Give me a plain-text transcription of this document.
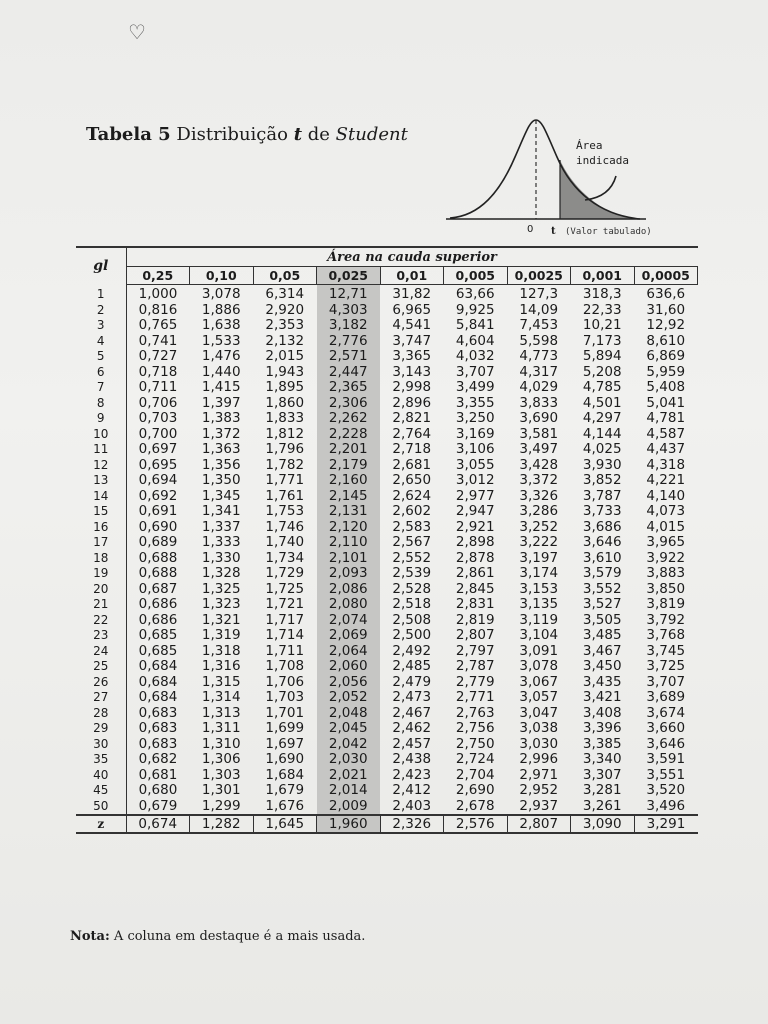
♡
Tabela 5 Distribuição t de Student
Área
indicada
0 t (Valor tabulado)
gl	Área na cauda superior								
	0,25	0,10	0,05	0,025	0,01	0,005	0,0025	0,001	0,0005
1	1,000	3,078	6,314	12,71	31,82	63,66	127,3	318,3	636,6
2	0,816	1,886	2,920	4,303	6,965	9,925	14,09	22,33	31,60
3	0,765	1,638	2,353	3,182	4,541	5,841	7,453	10,21	12,92
4	0,741	1,533	2,132	2,776	3,747	4,604	5,598	7,173	8,610
5	0,727	1,476	2,015	2,571	3,365	4,032	4,773	5,894	6,869
6	0,718	1,440	1,943	2,447	3,143	3,707	4,317	5,208	5,959
7	0,711	1,415	1,895	2,365	2,998	3,499	4,029	4,785	5,408
8	0,706	1,397	1,860	2,306	2,896	3,355	3,833	4,501	5,041
9	0,703	1,383	1,833	2,262	2,821	3,250	3,690	4,297	4,781
10	0,700	1,372	1,812	2,228	2,764	3,169	3,581	4,144	4,587
11	0,697	1,363	1,796	2,201	2,718	3,106	3,497	4,025	4,437
12	0,695	1,356	1,782	2,179	2,681	3,055	3,428	3,930	4,318
13	0,694	1,350	1,771	2,160	2,650	3,012	3,372	3,852	4,221
14	0,692	1,345	1,761	2,145	2,624	2,977	3,326	3,787	4,140
15	0,691	1,341	1,753	2,131	2,602	2,947	3,286	3,733	4,073
16	0,690	1,337	1,746	2,120	2,583	2,921	3,252	3,686	4,015
17	0,689	1,333	1,740	2,110	2,567	2,898	3,222	3,646	3,965
18	0,688	1,330	1,734	2,101	2,552	2,878	3,197	3,610	3,922
19	0,688	1,328	1,729	2,093	2,539	2,861	3,174	3,579	3,883
20	0,687	1,325	1,725	2,086	2,528	2,845	3,153	3,552	3,850
21	0,686	1,323	1,721	2,080	2,518	2,831	3,135	3,527	3,819
22	0,686	1,321	1,717	2,074	2,508	2,819	3,119	3,505	3,792
23	0,685	1,319	1,714	2,069	2,500	2,807	3,104	3,485	3,768
24	0,685	1,318	1,711	2,064	2,492	2,797	3,091	3,467	3,745
25	0,684	1,316	1,708	2,060	2,485	2,787	3,078	3,450	3,725
26	0,684	1,315	1,706	2,056	2,479	2,779	3,067	3,435	3,707
27	0,684	1,314	1,703	2,052	2,473	2,771	3,057	3,421	3,689
28	0,683	1,313	1,701	2,048	2,467	2,763	3,047	3,408	3,674
29	0,683	1,311	1,699	2,045	2,462	2,756	3,038	3,396	3,660
30	0,683	1,310	1,697	2,042	2,457	2,750	3,030	3,385	3,646
35	0,682	1,306	1,690	2,030	2,438	2,724	2,996	3,340	3,591
40	0,681	1,303	1,684	2,021	2,423	2,704	2,971	3,307	3,551
45	0,680	1,301	1,679	2,014	2,412	2,690	2,952	3,281	3,520
50	0,679	1,299	1,676	2,009	2,403	2,678	2,937	3,261	3,496
z	0,674	1,282	1,645	1,960	2,326	2,576	2,807	3,090	3,291
Nota: A coluna em destaque é a mais usada.
